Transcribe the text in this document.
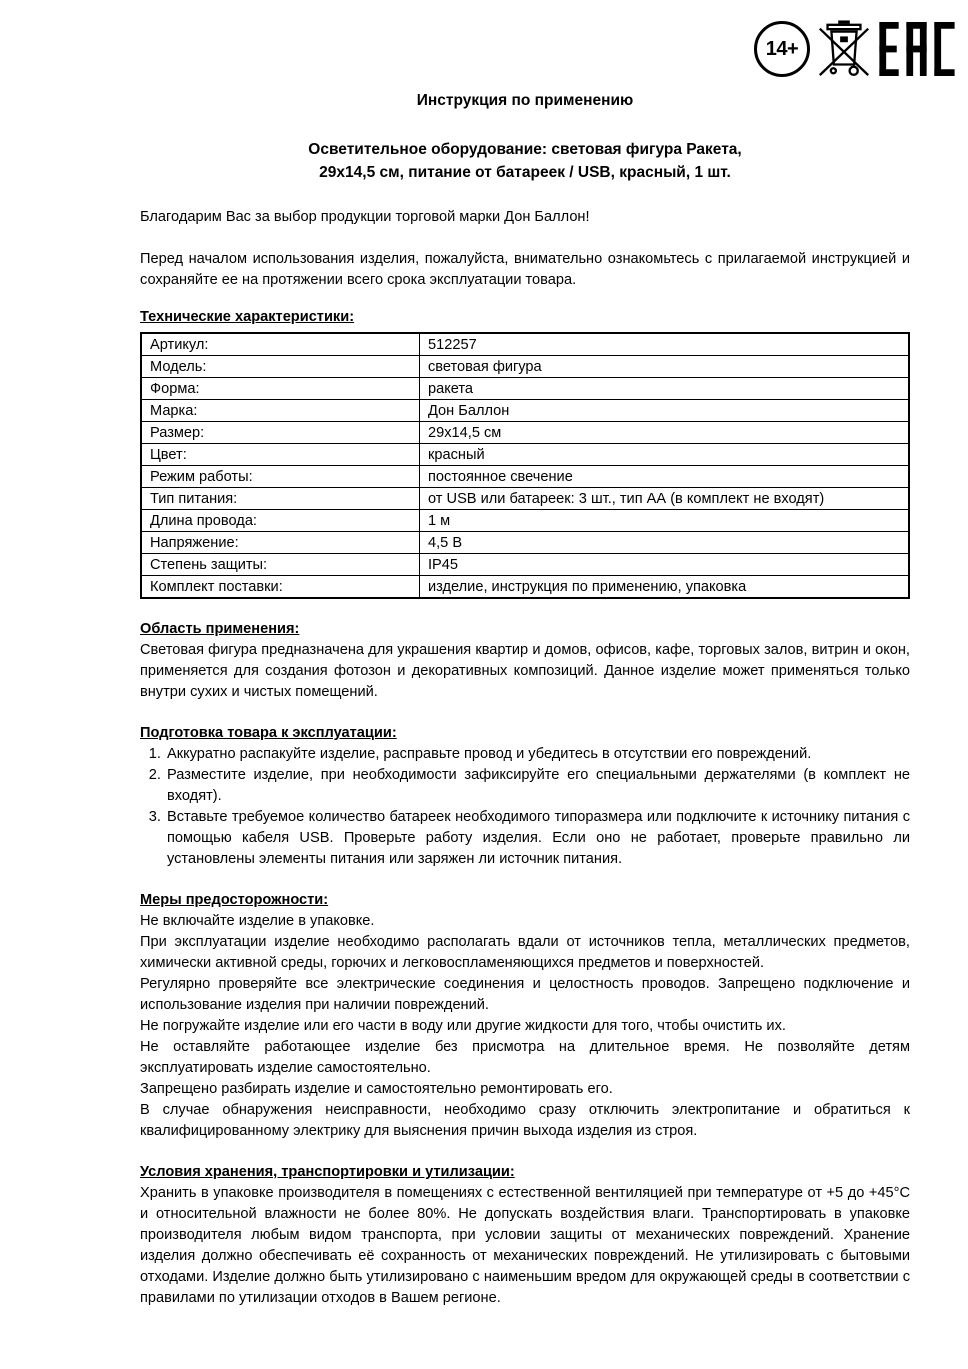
14+
Инструкция по применению
Осветительное оборудование: световая фигура Ракета,
29х14,5 см, питание от батареек / USB, красный, 1 шт.

Благодарим Вас за выбор продукции торговой марки Дон Баллон!

Перед началом использования изделия, пожалуйста, внимательно ознакомьтесь с прилагаемой инструкцией и сохраняйте ее на протяжении всего срока эксплуатации товара.

Технические характеристики:
Артикул:	512257
Модель:	световая фигура
Форма:	ракета
Марка:	Дон Баллон
Размер:	29х14,5 см
Цвет:	красный
Режим работы:	постоянное свечение
Тип питания:	от USB или батареек: 3 шт., тип АА (в комплект не входят)
Длина провода:	1 м
Напряжение:	4,5 В
Степень защиты:	IP45
Комплект поставки:	изделие, инструкция по применению, упаковка
Область применения:

Световая фигура предназначена для украшения квартир и домов, офисов, кафе, торговых залов, витрин и окон, применяется для создания фотозон и декоративных композиций. Данное изделие может применяться только внутри сухих и чистых помещений.

Подготовка товара к эксплуатации:
1. Аккуратно распакуйте изделие, расправьте провод и убедитесь в отсутствии его повреждений.
2. Разместите изделие, при необходимости зафиксируйте его специальными держателями (в комплект не входят).
3. Вставьте требуемое количество батареек необходимого типоразмера или подключите к источнику питания с помощью кабеля USB. Проверьте работу изделия. Если оно не работает, проверьте правильно ли установлены элементы питания или заряжен ли источник питания.
Меры предосторожности:

Не включайте изделие в упаковке.

При эксплуатации изделие необходимо располагать вдали от источников тепла, металлических предметов, химически активной среды, горючих и легковоспламеняющихся предметов и поверхностей.

Регулярно проверяйте все электрические соединения и целостность проводов. Запрещено подключение и использование изделия при наличии повреждений.

Не погружайте изделие или его части в воду или другие жидкости для того, чтобы очистить их.

Не оставляйте работающее изделие без присмотра на длительное время. Не позволяйте детям эксплуатировать изделие самостоятельно.

Запрещено разбирать изделие и самостоятельно ремонтировать его.

В случае обнаружения неисправности, необходимо сразу отключить электропитание и обратиться к квалифицированному электрику для выяснения причин выхода изделия из строя.

Условия хранения, транспортировки и утилизации:

Хранить в упаковке производителя в помещениях с естественной вентиляцией при температуре от +5 до +45°С и относительной влажности не более 80%. Не допускать воздействия влаги. Транспортировать в упаковке производителя любым видом транспорта, при условии защиты от механических повреждений. Хранение изделия должно обеспечивать её сохранность от механических повреждений. Не утилизировать с бытовыми отходами. Изделие должно быть утилизировано с наименьшим вредом для окружающей среды в соответствии с правилами по утилизации отходов в Вашем регионе.
